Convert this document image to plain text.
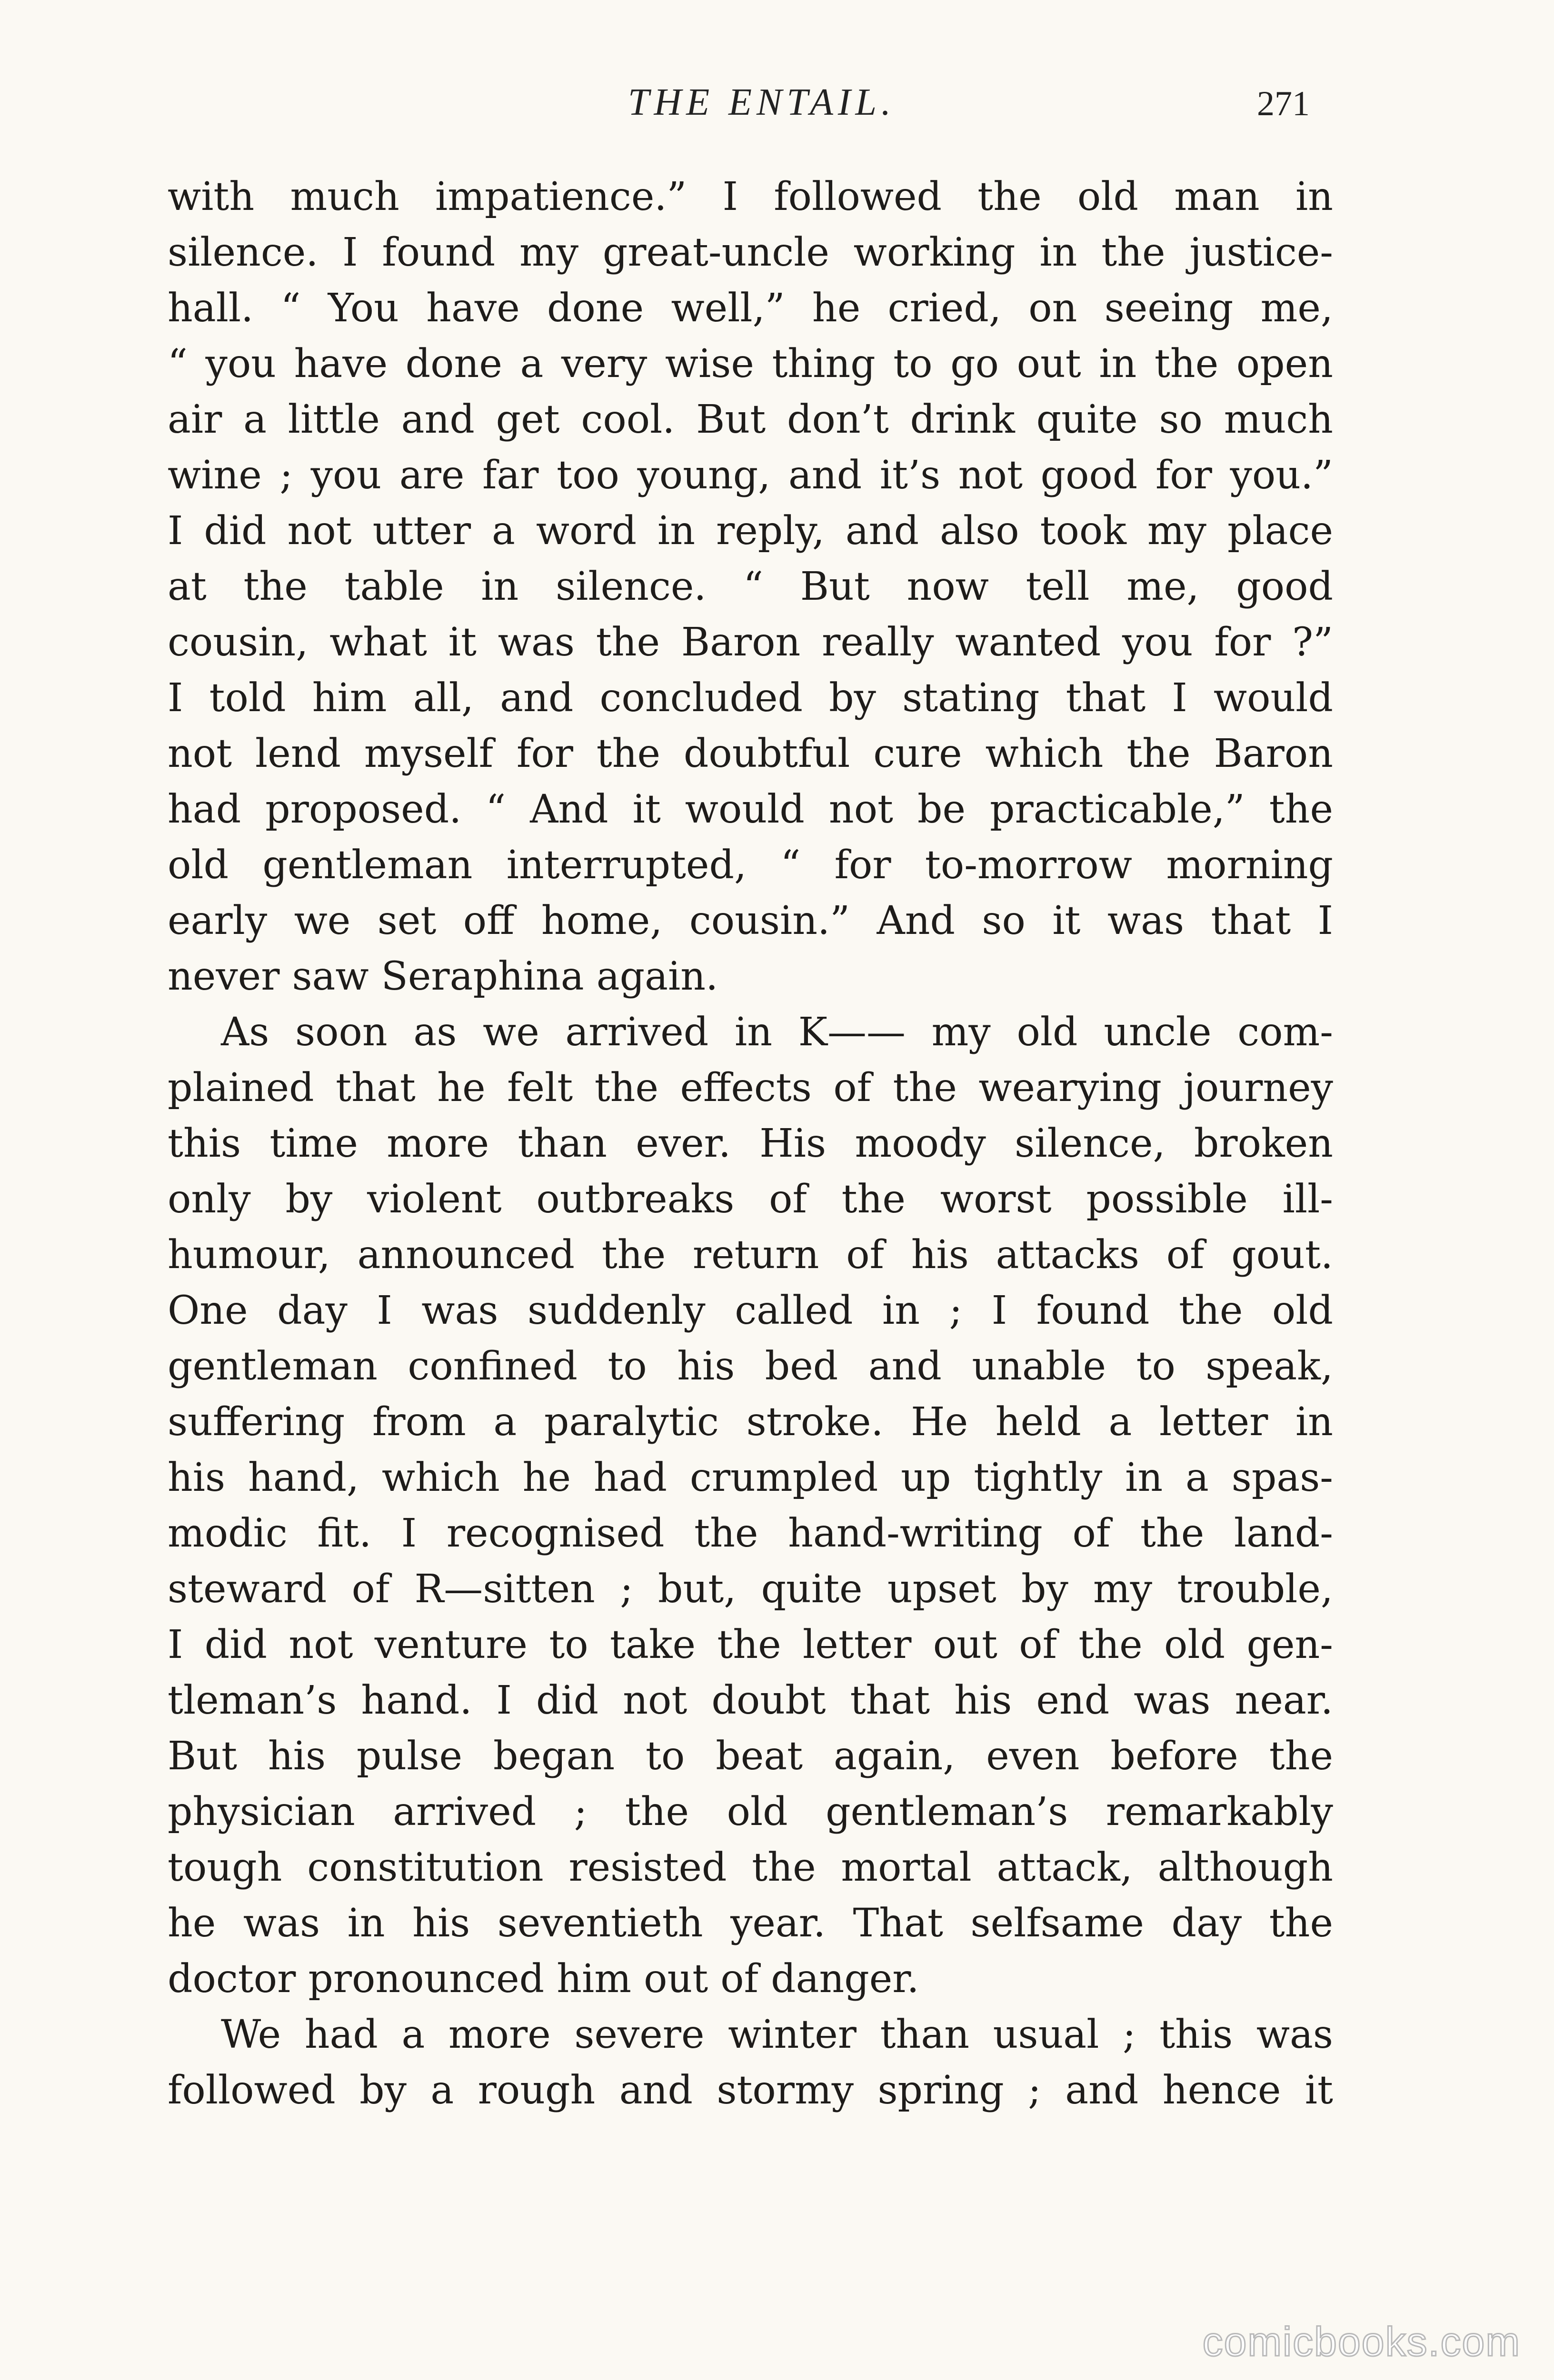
THE ENTAIL.	271
with much impatience.” I followed the old man in
silence. I found my great-uncle working in the justice-
hall. “ You have done well,” he cried, on seeing me,
“ you have done a very wise thing to go out in the open
air a little and get cool. But don’t drink quite so much
wine ; you are far too young, and it’s not good for you.”
I did not utter a word in reply, and also took my place
at the table in silence. “ But now tell me, good
cousin, what it was the Baron really wanted you for ?”
I told him all, and concluded by stating that I would
not lend myself for the doubtful cure which the Baron
had proposed. “ And it would not be practicable,” the
old gentleman interrupted, “ for to-morrow morning
early we set off home, cousin.” And so it was that I
never saw Seraphina again.
As soon as we arrived in K—— my old uncle com-
plained that he felt the effects of the wearying journey
this time more than ever. His moody silence, broken
only by violent outbreaks of the worst possible ill-
humour, announced the return of his attacks of gout.
One day I was suddenly called in ; I found the old
gentleman confined to his bed and unable to speak,
suffering from a paralytic stroke. He held a letter in
his hand, which he had crumpled up tightly in a spas-
modic fit. I recognised the hand-writing of the land-
steward of R—sitten ; but, quite upset by my trouble,
I did not venture to take the letter out of the old gen-
tleman’s hand. I did not doubt that his end was near.
But his pulse began to beat again, even before the
physician arrived ; the old gentleman’s remarkably
tough constitution resisted the mortal attack, although
he was in his seventieth year. That selfsame day the
doctor pronounced him out of danger.
We had a more severe winter than usual ; this was
followed by a rough and stormy spring ; and hence it
comicbooks.com
